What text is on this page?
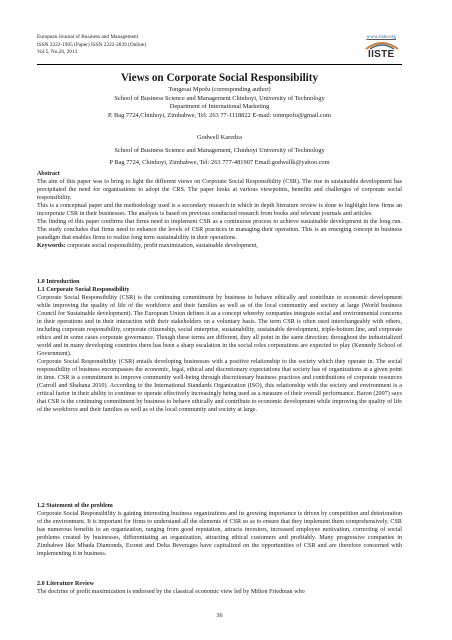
European Journal of Business and Management
ISSN 2222-1905 (Paper) ISSN 2222-2839 (Online)
Vol.5, No.26, 2013
www.iiste.org
IISTE
Views on Corporate Social Responsibility
Tongesai Mpofu (corresponding author)
School of Business Science and Management Chinhoyi, University of Technology
Department of International Marketing
P. Bag 7724,Chinhoyi, Zimbabwe, Tel: 263 77-1118822 E-mail: tonmpofu@gmail.com
Godwell Karedza
School of Business Science and Management, Chinhoyi University of Technology
P Bag 7724, Chinhoyi, Zimbabwe, Tel: 263 777-481907 Email:godwellk@yahoo.com

Abstract

The aim of this paper was to bring to light the different views on Corporate Social Responsibility (CSR). The rise in sustainable development has precipitated the need for organisations to adopt the CRS. The paper looks at various viewpoints, benefits and challenges of corporate social responsibility.

This is a conceptual paper and the methodology used is a secondary research in which in depth literature review is done to highlight how firms an incorporate CSR in their businesses. The analysis is based on previous conducted research from books and relevant journals and articles.

The finding of this paper confirms that firms need to implement CSR as a continuous process to achieve sustainable development in the long run. The study concludes that firms need to enhance the levels of CSR practices in managing their operation. This is an emerging concept in business paradigm that enables firms to realize long term sustainability in their operations.

Keywords: corporate social responsibility, profit maximization, sustainable development,

1.0 Introduction

1.1 Corporate Social Responsibility

Corporate Social Responsibility (CSR) is the continuing commitment by business to behave ethically and contribute to economic development while improving the quality of life of the workforce and their families as well as of the local community and society at large (World business Council for Sustainable development). The European Union defines it as a concept whereby companies integrate social and environmental concerns in their operations and in their interaction with their stakeholders on a voluntary basis. The term CSR is often used interchangeably with others, including corporate responsibility, corporate citizenship, social enterprise, sustainability, sustainable development, triple-bottom line, and corporate ethics and in some cases corporate governance. Though these terms are different, they all point in the same direction; throughout the industrialized world and in many developing countries there has been a sharp escalation in the social roles corporations are expected to play (Kennedy School of Government).

Corporate Social Responsibility (CSR) entails developing businesses with a positive relationship to the society which they operate in. The social responsibility of business encompasses the economic, legal, ethical and discretionary expectations that society has of organizations at a given point in time. CSR is a commitment to improve community well-being through discretionary business practices and contributions of corporate resources (Carroll and Shabana 2010). According to the International Standards Organization (ISO), this relationship with the society and environment is a critical factor in their ability to continue to operate effectively increasingly being used as a measure of their overall performance. Baron (2007) says that CSR is the continuing commitment by business to behave ethically and contribute to economic development while improving the quality of life of the workforce and their families as well as of the local community and society at large.

1.2 Statement of the problem

Corporate Social Responsibility is gaining interesting business organizations and its growing importance is driven by competition and deterioration of the environment. It is important for firms to understand all the elements of CSR so as to ensure that they implement them comprehensively. CSR has numerous benefits to an organization, ranging from good reputation, attracts investors, increased employee motivation, correcting of social problems created by businesses, differentiating an organization, attracting ethical customers and profitably. Many progressive companies in Zimbabwe like Mbada Diamonds, Econet and Delta Beverages have capitalized on the opportunities of CSR and are therefore concerned with implementing it in business.

2.0 Literature Review

The doctrine of profit maximization is endorsed by the classical economic view led by Milton Friedman who

36
